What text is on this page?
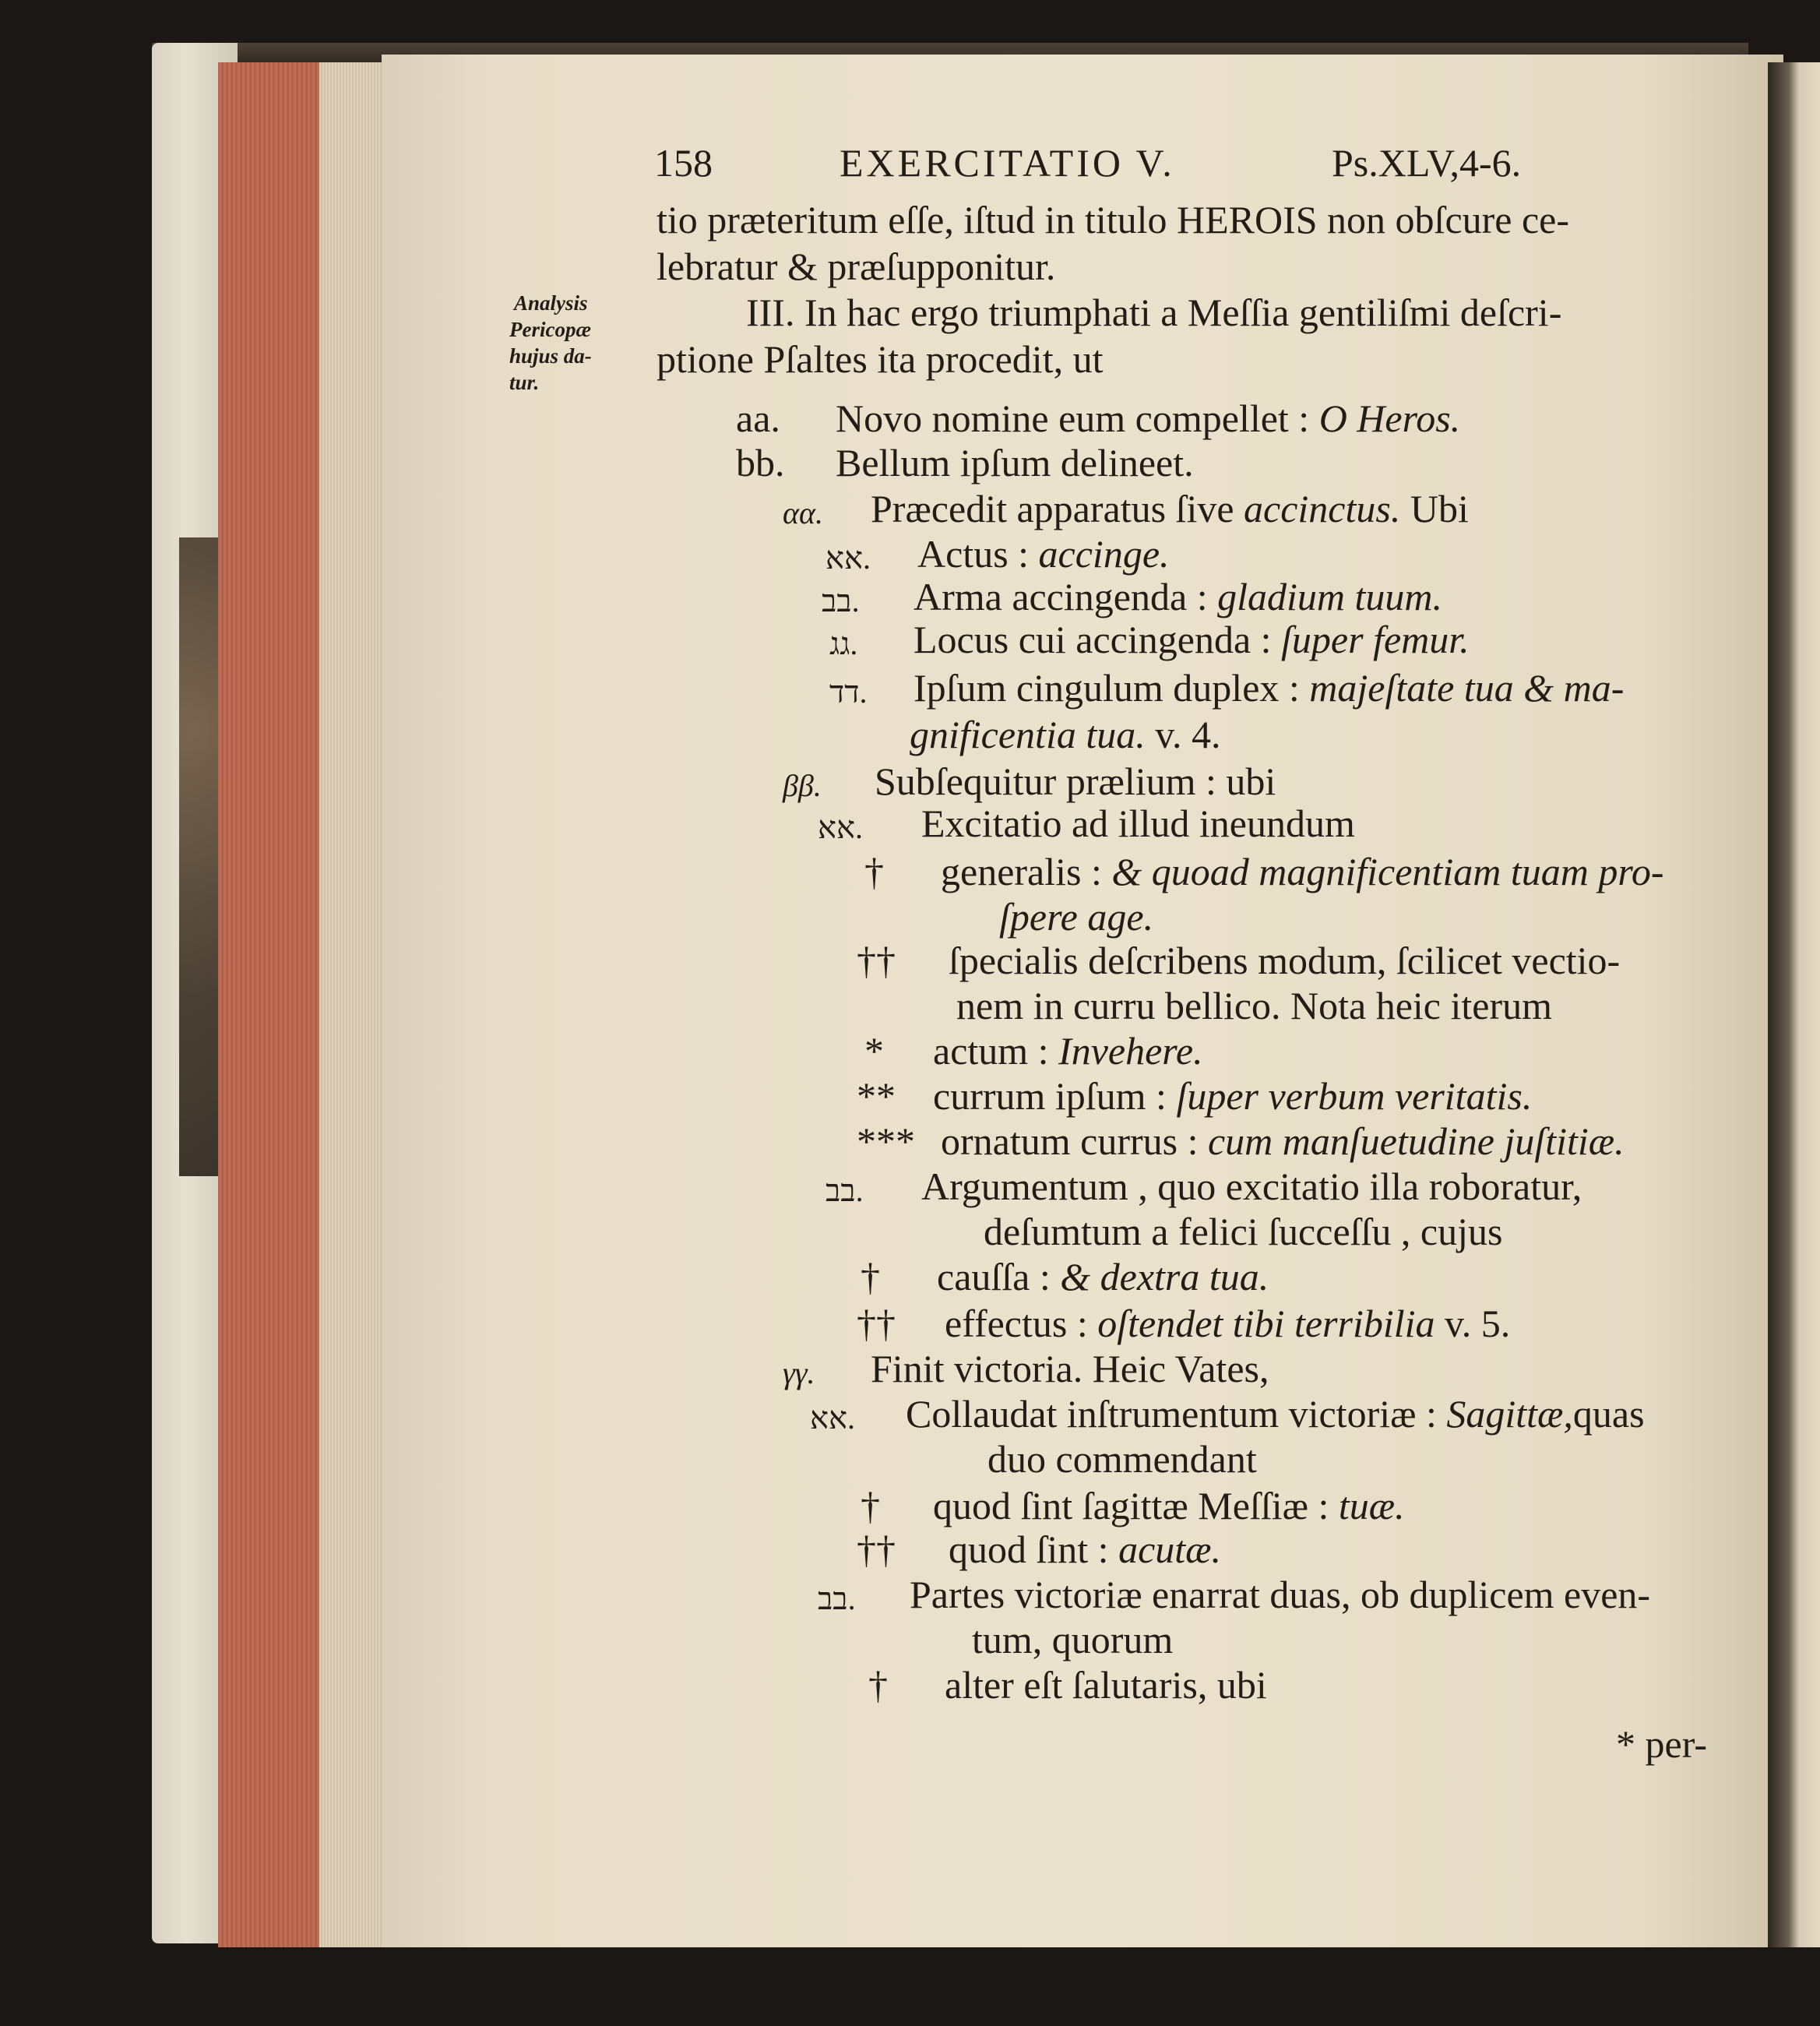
158	EXERCITATIO V.	Ps.XLV,4-6.
Analysis
Pericopæ
hujus da-
tur.
tio præteritum eſſe, iſtud in titulo HEROIS non obſcure ce-
lebratur & præſupponitur.
III. In hac ergo triumphati a Meſſia gentiliſmi deſcri-
ptione Pſaltes ita procedit, ut
aa. Novo nomine eum compellet : O Heros.
bb. Bellum ipſum delineet.
αα. Præcedit apparatus ſive accinctus. Ubi
אא. Actus : accinge.
בב. Arma accingenda : gladium tuum.
גג. Locus cui accingenda : ſuper femur.
דד. Ipſum cingulum duplex : majeſtate tua & ma-
gnificentia tua. v. 4.
ββ. Subſequitur prælium : ubi
אא. Excitatio ad illud ineundum
† generalis : & quoad magnificentiam tuam pro-
ſpere age.
†† ſpecialis deſcribens modum, ſcilicet vectio-
nem in curru bellico. Nota heic iterum
* actum : Invehere.
** currum ipſum : ſuper verbum veritatis.
*** ornatum currus : cum manſuetudine juſtitiæ.
בב. Argumentum , quo excitatio illa roboratur,
deſumtum a felici ſucceſſu , cujus
† cauſſa : & dextra tua.
†† effectus : oſtendet tibi terribilia v. 5.
γγ. Finit victoria. Heic Vates,
אא. Collaudat inſtrumentum victoriæ : Sagittæ,quas
duo commendant
† quod ſint ſagittæ Meſſiæ : tuæ.
†† quod ſint : acutæ.
בב. Partes victoriæ enarrat duas, ob duplicem even-
tum, quorum
† alter eſt ſalutaris, ubi
* per-
